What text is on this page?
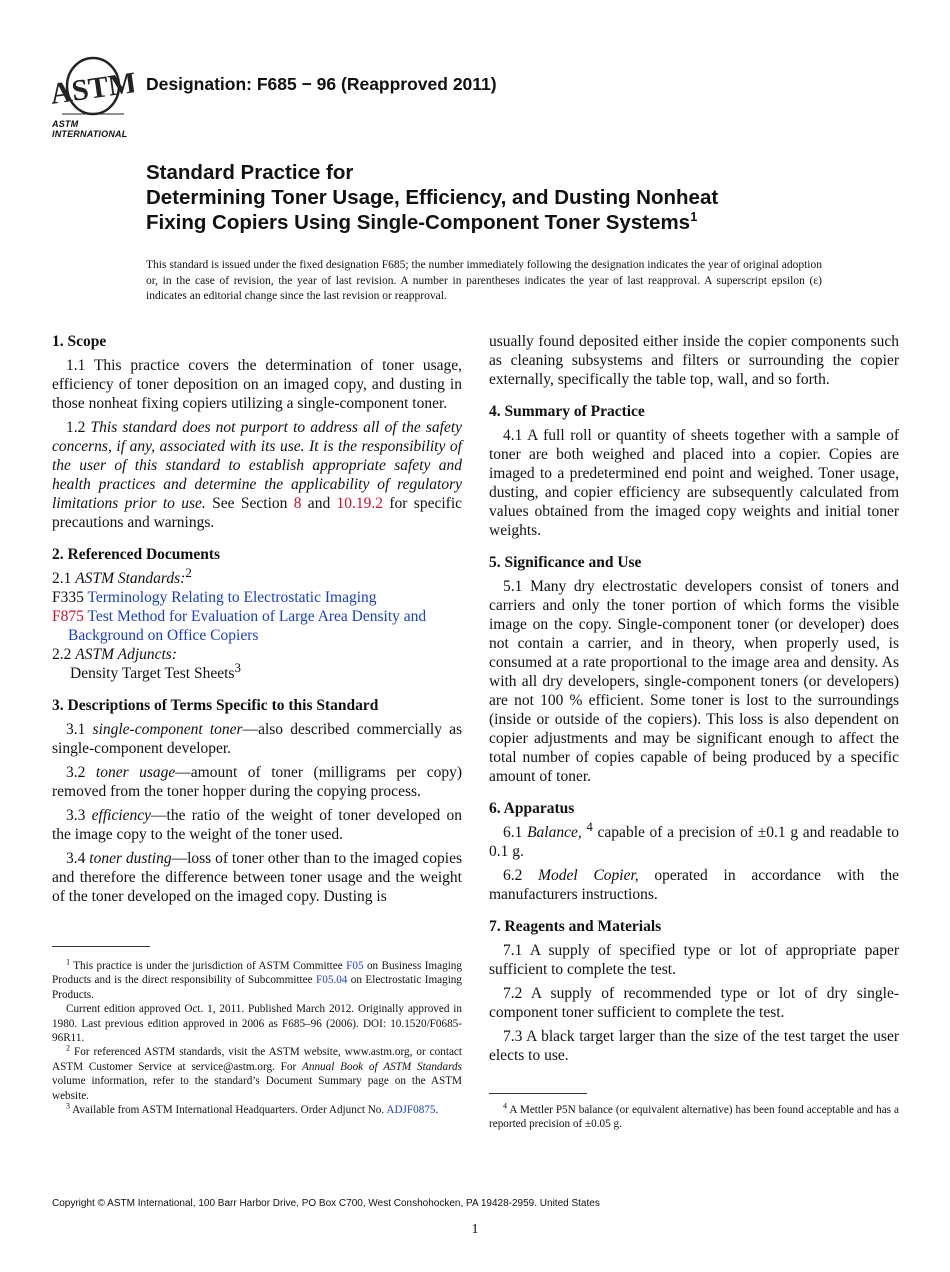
ASTM
ASTM INTERNATIONAL
Designation: F685 − 96 (Reapproved 2011)
Standard Practice for
Determining Toner Usage, Efficiency, and Dusting Nonheat
Fixing Copiers Using Single-Component Toner Systems$^1$
This standard is issued under the fixed designation F685; the number immediately following the designation indicates the year of original adoption or, in the case of revision, the year of last revision. A number in parentheses indicates the year of last reapproval. A superscript epsilon (ε) indicates an editorial change since the last revision or reapproval.
1. Scope

1.1 This practice covers the determination of toner usage, efficiency of toner deposition on an imaged copy, and dusting in those nonheat fixing copiers utilizing a single-component toner.

1.2 This standard does not purport to address all of the safety concerns, if any, associated with its use. It is the responsibility of the user of this standard to establish appropriate safety and health practices and determine the applicability of regulatory limitations prior to use. See Section 8 and 10.19.2 for specific precautions and warnings.

2. Referenced Documents

2.1 ASTM Standards:$^2$

F335 Terminology Relating to Electrostatic Imaging

F875 Test Method for Evaluation of Large Area Density and Background on Office Copiers

2.2 ASTM Adjuncts:

Density Target Test Sheets$^3$

3. Descriptions of Terms Specific to this Standard

3.1 single-component toner—also described commercially as single-component developer.

3.2 toner usage—amount of toner (milligrams per copy) removed from the toner hopper during the copying process.

3.3 efficiency—the ratio of the weight of toner developed on the image copy to the weight of the toner used.

3.4 toner dusting—loss of toner other than to the imaged copies and therefore the difference between toner usage and the weight of the toner developed on the imaged copy. Dusting is

$^1$ This practice is under the jurisdiction of ASTM Committee F05 on Business Imaging Products and is the direct responsibility of Subcommittee F05.04 on Electrostatic Imaging Products.

Current edition approved Oct. 1, 2011. Published March 2012. Originally approved in 1980. Last previous edition approved in 2006 as F685–96 (2006). DOI: 10.1520/F0685-96R11.

$^2$ For referenced ASTM standards, visit the ASTM website, www.astm.org, or contact ASTM Customer Service at service@astm.org. For Annual Book of ASTM Standards volume information, refer to the standard’s Document Summary page on the ASTM website.

$^3$ Available from ASTM International Headquarters. Order Adjunct No. ADJF0875.

usually found deposited either inside the copier components such as cleaning subsystems and filters or surrounding the copier externally, specifically the table top, wall, and so forth.

4. Summary of Practice

4.1 A full roll or quantity of sheets together with a sample of toner are both weighed and placed into a copier. Copies are imaged to a predetermined end point and weighed. Toner usage, dusting, and copier efficiency are subsequently calculated from values obtained from the imaged copy weights and initial toner weights.

5. Significance and Use

5.1 Many dry electrostatic developers consist of toners and carriers and only the toner portion of which forms the visible image on the copy. Single-component toner (or developer) does not contain a carrier, and in theory, when properly used, is consumed at a rate proportional to the image area and density. As with all dry developers, single-component toners (or developers) are not 100 % efficient. Some toner is lost to the surroundings (inside or outside of the copiers). This loss is also dependent on copier adjustments and may be significant enough to affect the total number of copies capable of being produced by a specific amount of toner.

6. Apparatus

6.1 Balance, $^4$ capable of a precision of ±0.1 g and readable to 0.1 g.

6.2 Model Copier, operated in accordance with the manufacturers instructions.

7. Reagents and Materials

7.1 A supply of specified type or lot of appropriate paper sufficient to complete the test.

7.2 A supply of recommended type or lot of dry single-component toner sufficient to complete the test.

7.3 A black target larger than the size of the test target the user elects to use.

$^4$ A Mettler P5N balance (or equivalent alternative) has been found acceptable and has a reported precision of ±0.05 g.

Copyright © ASTM International, 100 Barr Harbor Drive, PO Box C700, West Conshohocken, PA 19428-2959. United States
1
